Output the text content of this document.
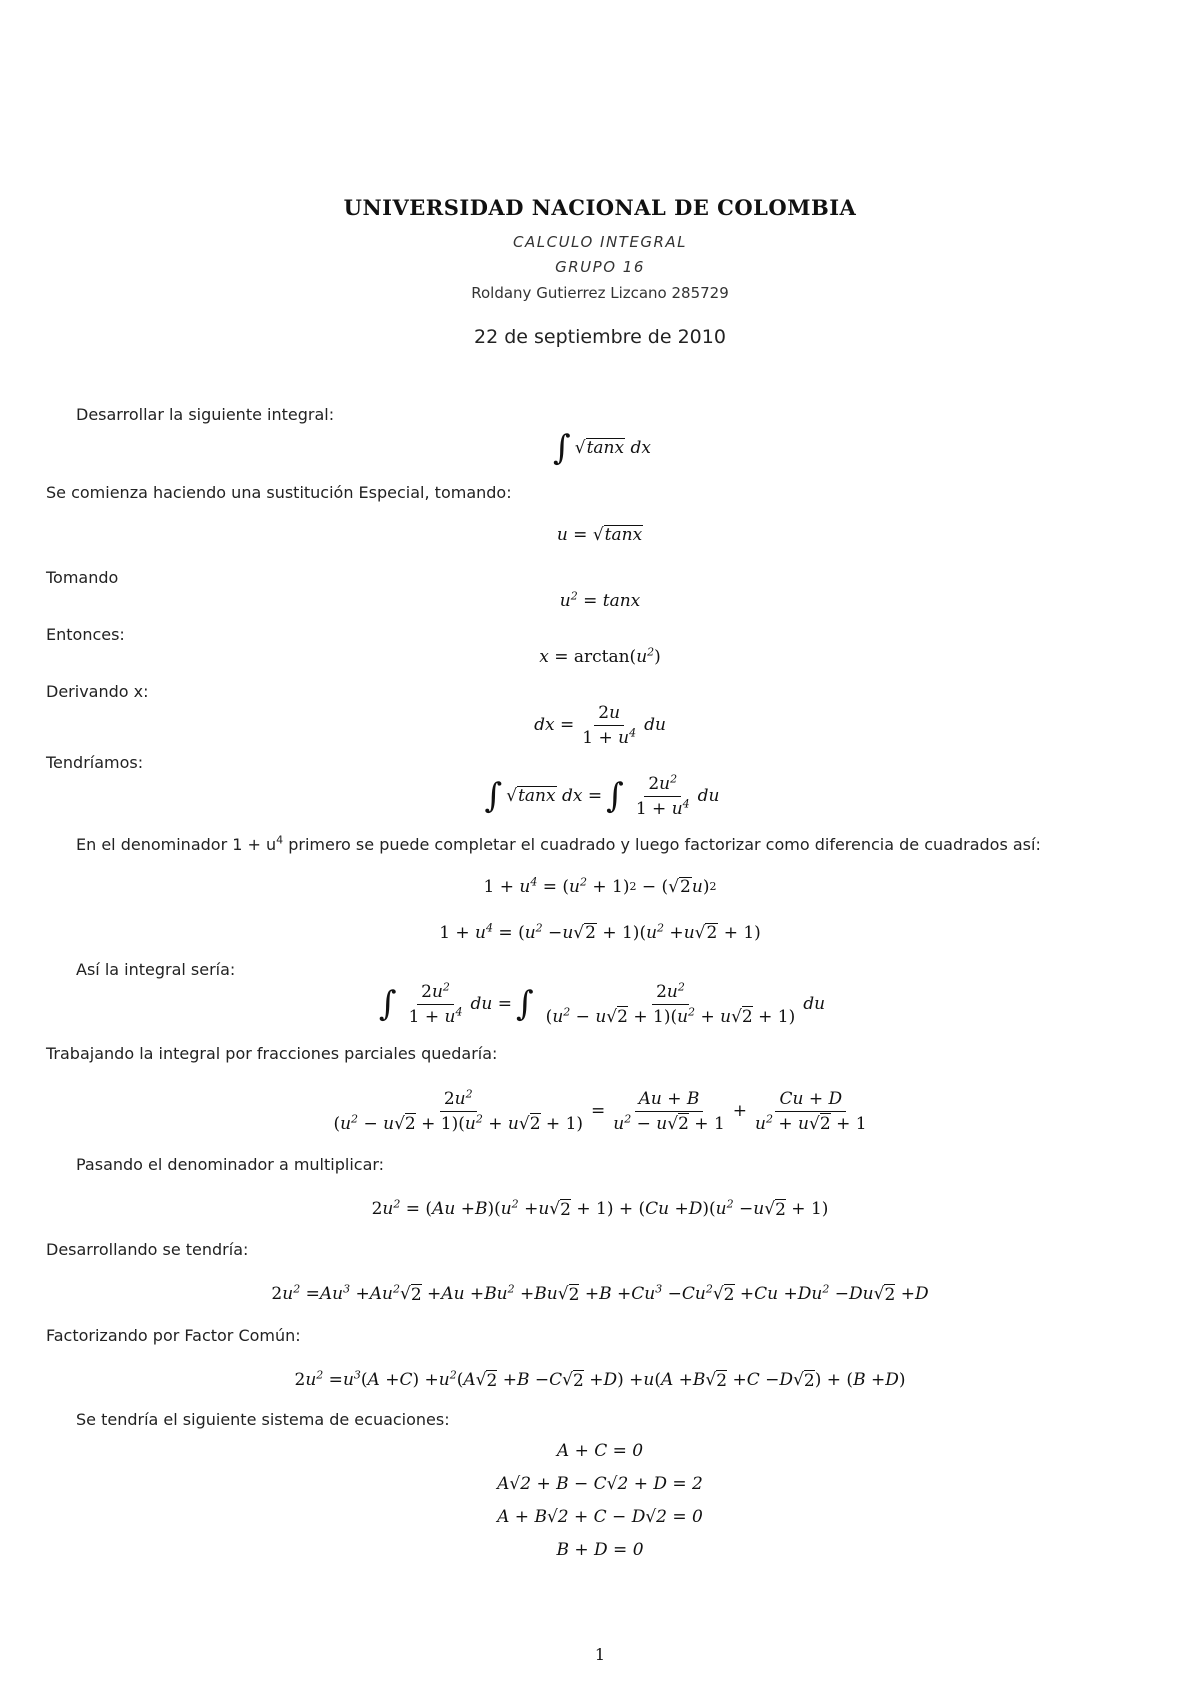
UNIVERSIDAD NACIONAL DE COLOMBIA
CALCULO INTEGRAL
GRUPO 16
Roldany Gutierrez Lizcano 285729
22 de septiembre de 2010
Desarrollar la siguiente integral:
∫ √ tanx dx
Se comienza haciendo una sustitución Especial, tomando:
u = √ tanx
Tomando
$u^2 = \tan x$
Entonces:
x = arctan( $u^2$ )
Derivando x:
dx = $\frac{2u}{1 + u^4}$ du
Tendríamos:
∫ √ tanx dx = ∫ $\frac{2u^2}{1 + u^4}$ du
En el denominador $1 + u^4$ primero se puede completar el cuadrado y luego factorizar como diferencia de cuadrados así:
$1 + u^4$ = ( $u^2 + 1$) 2 − ( √ 2 u ) 2
$1 + u^4$ = ( $u^2 - u$ √ 2 + 1)( $u^2 + u$ √ 2 + 1)
Así la integral sería:
∫ $\frac{2u^2}{1 + u^4}$ du = ∫ $\frac{2u^2}{(u^2 - u√2 + 1)(u^2 + u√2 + 1)}$ du
Trabajando la integral por fracciones parciales quedaría:
$\frac{2u^2}{(u^2 - u√2 + 1)(u^2 + u√2 + 1)} = \frac{Au + B}{u^2 - u√2 + 1} + \frac{Cu + D}{u^2 + u√2 + 1}$
Pasando el denominador a multiplicar:
2 $u^2$ = ( Au + B )( $u^2 + u$ √ 2 + 1) + ( Cu + D )( $u^2 - u$ √ 2 + 1)
Desarrollando se tendría:
2 $u^2 = Au^3 + Au^2$ √ $2 + Au + Bu^2 + Bu$ √ $2 + B + Cu^3 - Cu^2$ √ $2 + Cu + Du^2 - Du$ √ 2 + D
Factorizando por Factor Común:
2 $u^2 = u^3$ ( A + C ) + $u^2$ ( A √ 2 + B − C √ 2 + D ) + u ( A + B √ 2 + C − D √ 2 ) + ( B + D )
Se tendría el siguiente sistema de ecuaciones:
A + C = 0
A√2 + B − C√2 + D = 2
A + B√2 + C − D√2 = 0
B + D = 0
1
